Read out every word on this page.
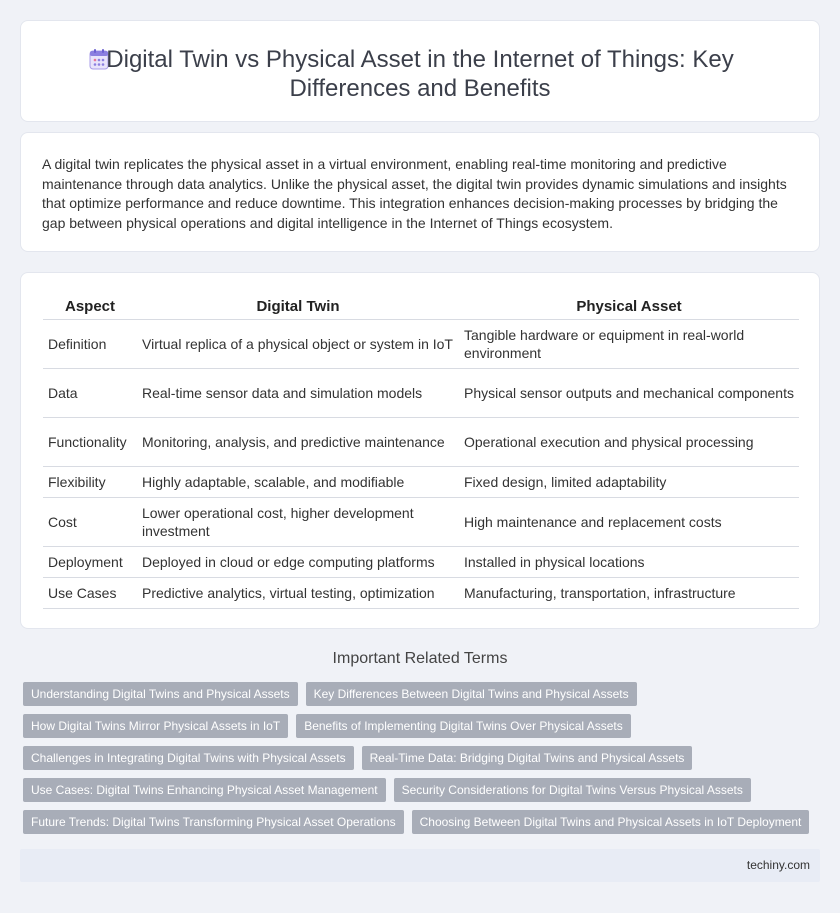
Digital Twin vs Physical Asset in the Internet of Things: Key Differences and Benefits

A digital twin replicates the physical asset in a virtual environment, enabling real-time monitoring and predictive maintenance through data analytics. Unlike the physical asset, the digital twin provides dynamic simulations and insights that optimize performance and reduce downtime. This integration enhances decision-making processes by bridging the gap between physical operations and digital intelligence in the Internet of Things ecosystem.

Aspect	Digital Twin	Physical Asset
Definition	Virtual replica of a physical object or system in IoT	Tangible hardware or equipment in real-world environment
Data	Real-time sensor data and simulation models	Physical sensor outputs and mechanical components
Functionality	Monitoring, analysis, and predictive maintenance	Operational execution and physical processing
Flexibility	Highly adaptable, scalable, and modifiable	Fixed design, limited adaptability
Cost	Lower operational cost, higher development investment	High maintenance and replacement costs
Deployment	Deployed in cloud or edge computing platforms	Installed in physical locations
Use Cases	Predictive analytics, virtual testing, optimization	Manufacturing, transportation, infrastructure
Important Related Terms
Understanding Digital Twins and Physical Assets	Key Differences Between Digital Twins and Physical Assets
How Digital Twins Mirror Physical Assets in IoT	Benefits of Implementing Digital Twins Over Physical Assets
Challenges in Integrating Digital Twins with Physical Assets	Real-Time Data: Bridging Digital Twins and Physical Assets
Use Cases: Digital Twins Enhancing Physical Asset Management	Security Considerations for Digital Twins Versus Physical Assets
Future Trends: Digital Twins Transforming Physical Asset Operations	Choosing Between Digital Twins and Physical Assets in IoT Deployment
techiny.com
